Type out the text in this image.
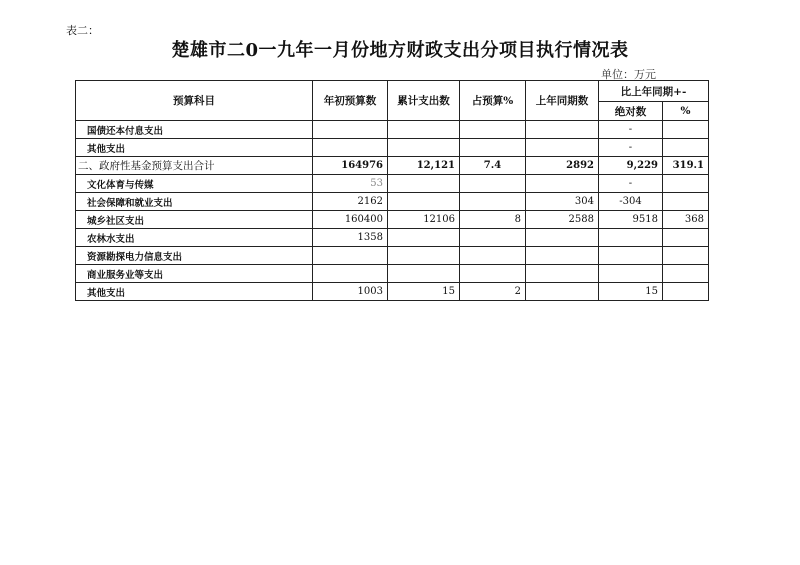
表二：
楚雄市二0一九年一月份地方财政支出分项目执行情况表
单位：万元
预算科目	年初预算数	累计支出数	占预算%	上年同期数	比上年同期+-	
					绝对数	%
国债还本付息支出					-	
其他支出					-	
二、政府性基金预算支出合计	164976	12,121	7.4	2892	9,229	319.1
文化体育与传媒	53				-	
社会保障和就业支出	2162			304	-304	
城乡社区支出	160400	12106	8	2588	9518	368
农林水支出	1358					
资源勘探电力信息支出						
商业服务业等支出						
其他支出	1003	15	2		15	
